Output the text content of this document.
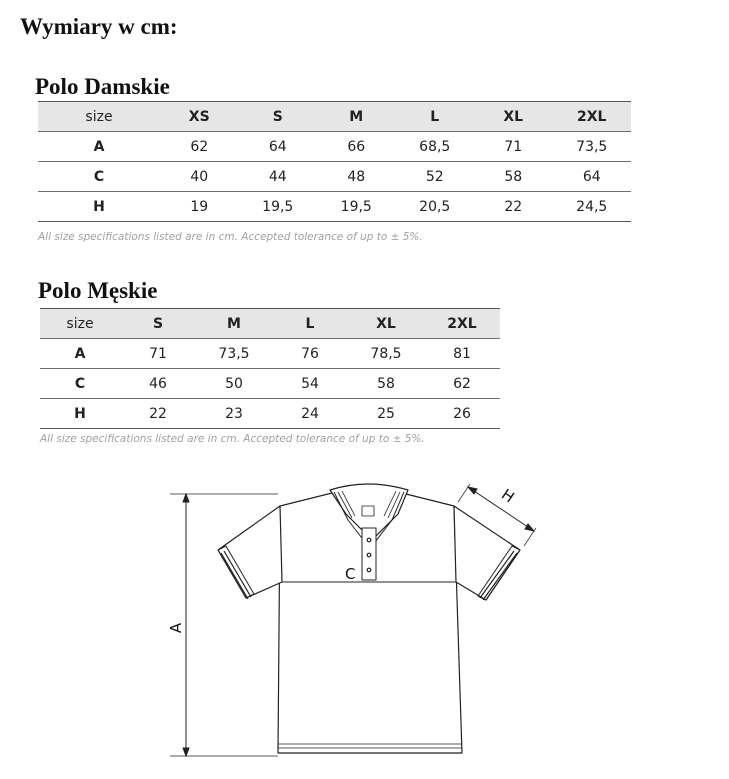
Wymiary w cm:
Polo Damskie
size	XS	S	M	L	XL	2XL
A	62	64	66	68,5	71	73,5
C	40	44	48	52	58	64
H	19	19,5	19,5	20,5	22	24,5
All size specifications listed are in cm. Accepted tolerance of up to ± 5%.
Polo Męskie
size	S	M	L	XL	2XL
A	71	73,5	76	78,5	81
C	46	50	54	58	62
H	22	23	24	25	26
All size specifications listed are in cm. Accepted tolerance of up to ± 5%.
A
C
H
